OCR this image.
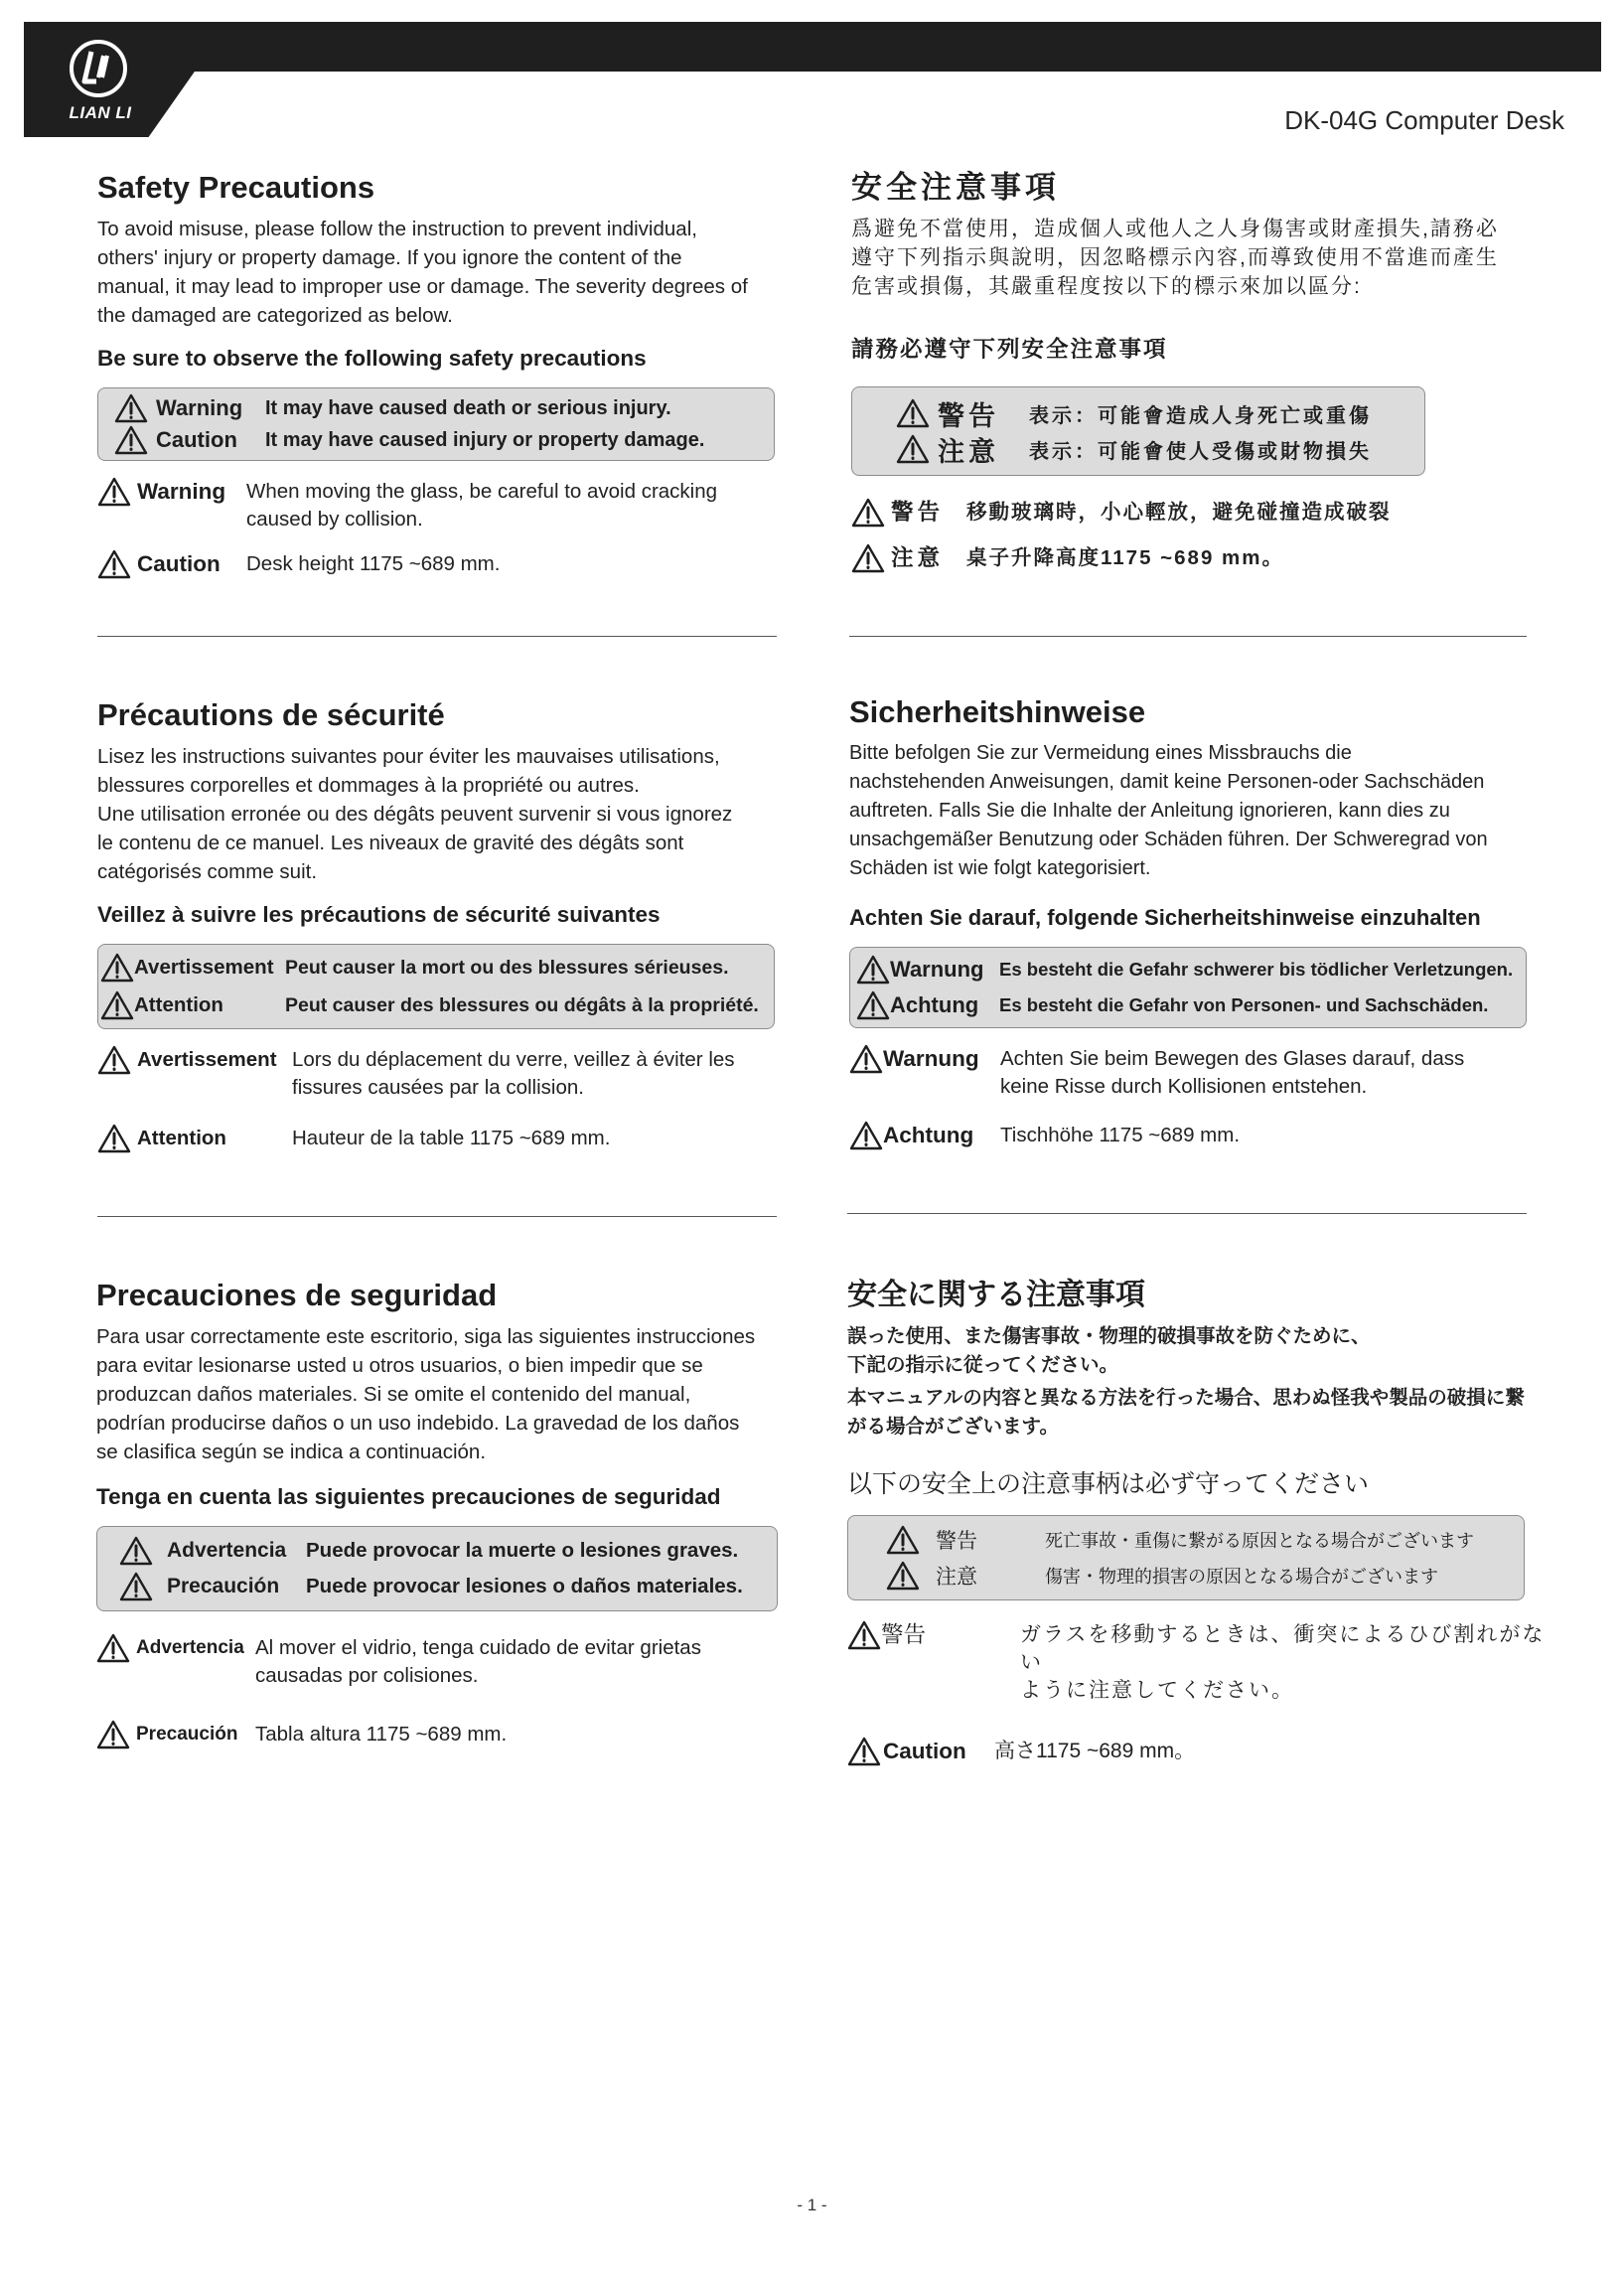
LIAN LI	DK-04G Computer Desk
Safety Precautions

To avoid misuse, please follow the instruction to prevent individual,

others' injury or property damage. If you ignore the content of the

manual, it may lead to improper use or damage. The severity degrees of

the damaged are categorized as below.

Be sure to observe the following safety precautions
Warning	It may have caused death or serious injury.
Caution	It may have caused injury or property damage.
Warning	When moving the glass, be careful to avoid cracking
caused by collision.
Caution	Desk height 1175 ~689 mm.
安全注意事項

爲避免不當使用，造成個人或他人之人身傷害或財產損失,請務必

遵守下列指示與說明，因忽略標示內容,而導致使用不當進而產生

危害或損傷，其嚴重程度按以下的標示來加以區分:

請務必遵守下列安全注意事項
警告	表示：可能會造成人身死亡或重傷
注意	表示：可能會使人受傷或財物損失
警告	移動玻璃時，小心輕放，避免碰撞造成破裂
注意	桌子升降高度1175 ~689 mm。
Précautions de sécurité

Lisez les instructions suivantes pour éviter les mauvaises utilisations,

blessures corporelles et dommages à la propriété ou autres.

Une utilisation erronée ou des dégâts peuvent survenir si vous ignorez

le contenu de ce manuel. Les niveaux de gravité des dégâts sont

catégorisés comme suit.

Veillez à suivre les précautions de sécurité suivantes
Avertissement Peut causer la mort ou des blessures sérieuses.
Attention	Peut causer des blessures ou dégâts à la propriété.
Avertissement Lors du déplacement du verre, veillez à éviter les
fissures causées par la collision.
Attention	Hauteur de la table 1175 ~689 mm.
Sicherheitshinweise

Bitte befolgen Sie zur Vermeidung eines Missbrauchs die

nachstehenden Anweisungen, damit keine Personen-oder Sachschäden

auftreten. Falls Sie die Inhalte der Anleitung ignorieren, kann dies zu

unsachgemäßer Benutzung oder Schäden führen. Der Schweregrad von

Schäden ist wie folgt kategorisiert.

Achten Sie darauf, folgende Sicherheitshinweise einzuhalten
Warnung Es besteht die Gefahr schwerer bis tödlicher Verletzungen.
Achtung	Es besteht die Gefahr von Personen- und Sachschäden.
Warnung	Achten Sie beim Bewegen des Glases darauf, dass
keine Risse durch Kollisionen entstehen.
Achtung	Tischhöhe 1175 ~689 mm.
Precauciones de seguridad

Para usar correctamente este escritorio, siga las siguientes instrucciones

para evitar lesionarse usted u otros usuarios, o bien impedir que se

produzcan daños materiales. Si se omite el contenido del manual,

podrían producirse daños o un uso indebido. La gravedad de los daños

se clasifica según se indica a continuación.

Tenga en cuenta las siguientes precauciones de seguridad
Advertencia Puede provocar la muerte o lesiones graves.
Precaución	Puede provocar lesiones o daños materiales.
Advertencia Al mover el vidrio, tenga cuidado de evitar grietas
causadas por colisiones.
Precaución Tabla altura 1175 ~689 mm.
安全に関する注意事項

誤った使用、また傷害事故・物理的破損事故を防ぐために、

下記の指示に従ってください。

本マニュアルの内容と異なる方法を行った場合、思わぬ怪我や製品の破損に繋

がる場合がございます。

以下の安全上の注意事柄は必ず守ってください
警告	死亡事故・重傷に繋がる原因となる場合がございます
注意	傷害・物理的損害の原因となる場合がございます
警告	ガラスを移動するときは、衝突によるひび割れがない
ように注意してください。
Caution	高さ1175 ~689 mm。
- 1 -
